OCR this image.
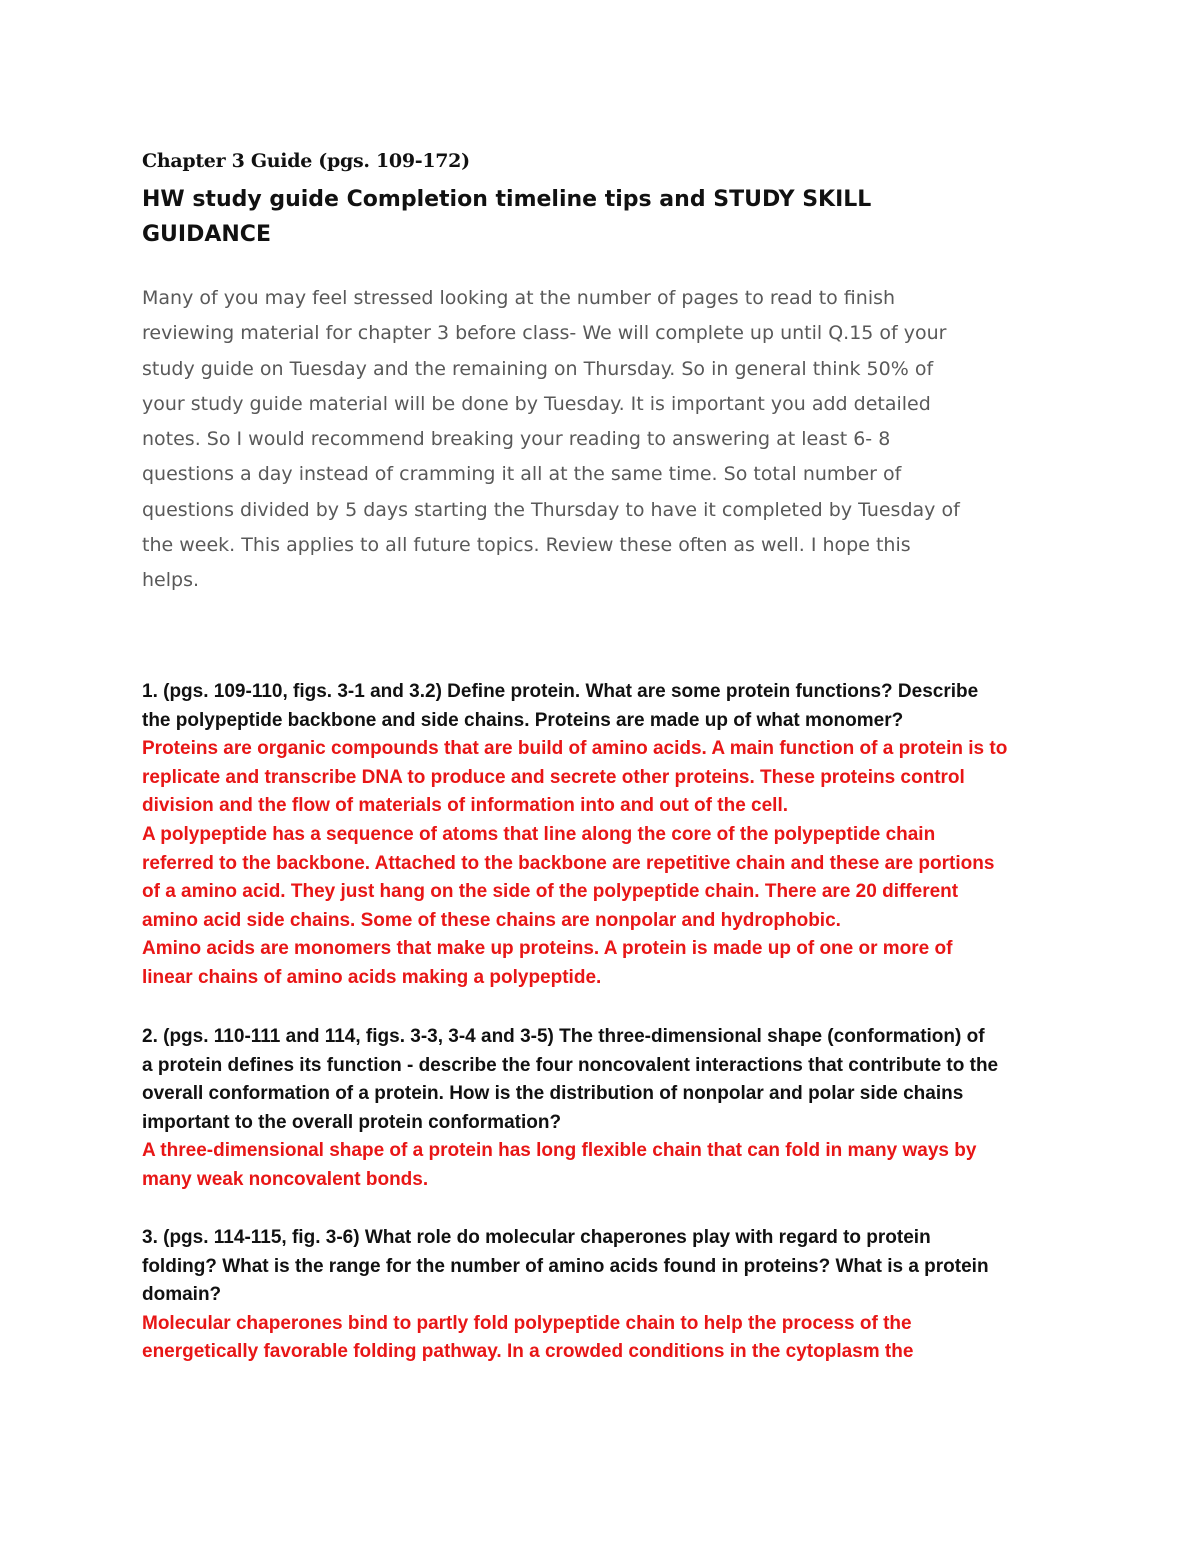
Chapter 3 Guide (pgs. 109-172)
HW study guide Completion timeline tips and STUDY SKILL
GUIDANCE
Many of you may feel stressed looking at the number of pages to read to finish
reviewing material for chapter 3 before class- We will complete up until Q.15 of your
study guide on Tuesday and the remaining on Thursday. So in general think 50% of
your study guide material will be done by Tuesday. It is important you add detailed
notes. So I would recommend breaking your reading to answering at least 6- 8
questions a day instead of cramming it all at the same time. So total number of
questions divided by 5 days starting the Thursday to have it completed by Tuesday of
the week. This applies to all future topics. Review these often as well. I hope this
helps.
1. (pgs. 109-110, figs. 3-1 and 3.2) Define protein. What are some protein functions? Describe
the polypeptide backbone and side chains. Proteins are made up of what monomer?
Proteins are organic compounds that are build of amino acids. A main function of a protein is to
replicate and transcribe DNA to produce and secrete other proteins. These proteins control
division and the flow of materials of information into and out of the cell.
A polypeptide has a sequence of atoms that line along the core of the polypeptide chain
referred to the backbone. Attached to the backbone are repetitive chain and these are portions
of a amino acid. They just hang on the side of the polypeptide chain. There are 20 different
amino acid side chains. Some of these chains are nonpolar and hydrophobic.
Amino acids are monomers that make up proteins. A protein is made up of one or more of
linear chains of amino acids making a polypeptide.
2. (pgs. 110-111 and 114, figs. 3-3, 3-4 and 3-5) The three-dimensional shape (conformation) of
a protein defines its function - describe the four noncovalent interactions that contribute to the
overall conformation of a protein. How is the distribution of nonpolar and polar side chains
important to the overall protein conformation?
A three-dimensional shape of a protein has long flexible chain that can fold in many ways by
many weak noncovalent bonds.
3. (pgs. 114-115, fig. 3-6) What role do molecular chaperones play with regard to protein
folding? What is the range for the number of amino acids found in proteins? What is a protein
domain?
Molecular chaperones bind to partly fold polypeptide chain to help the process of the
energetically favorable folding pathway. In a crowded conditions in the cytoplasm the
